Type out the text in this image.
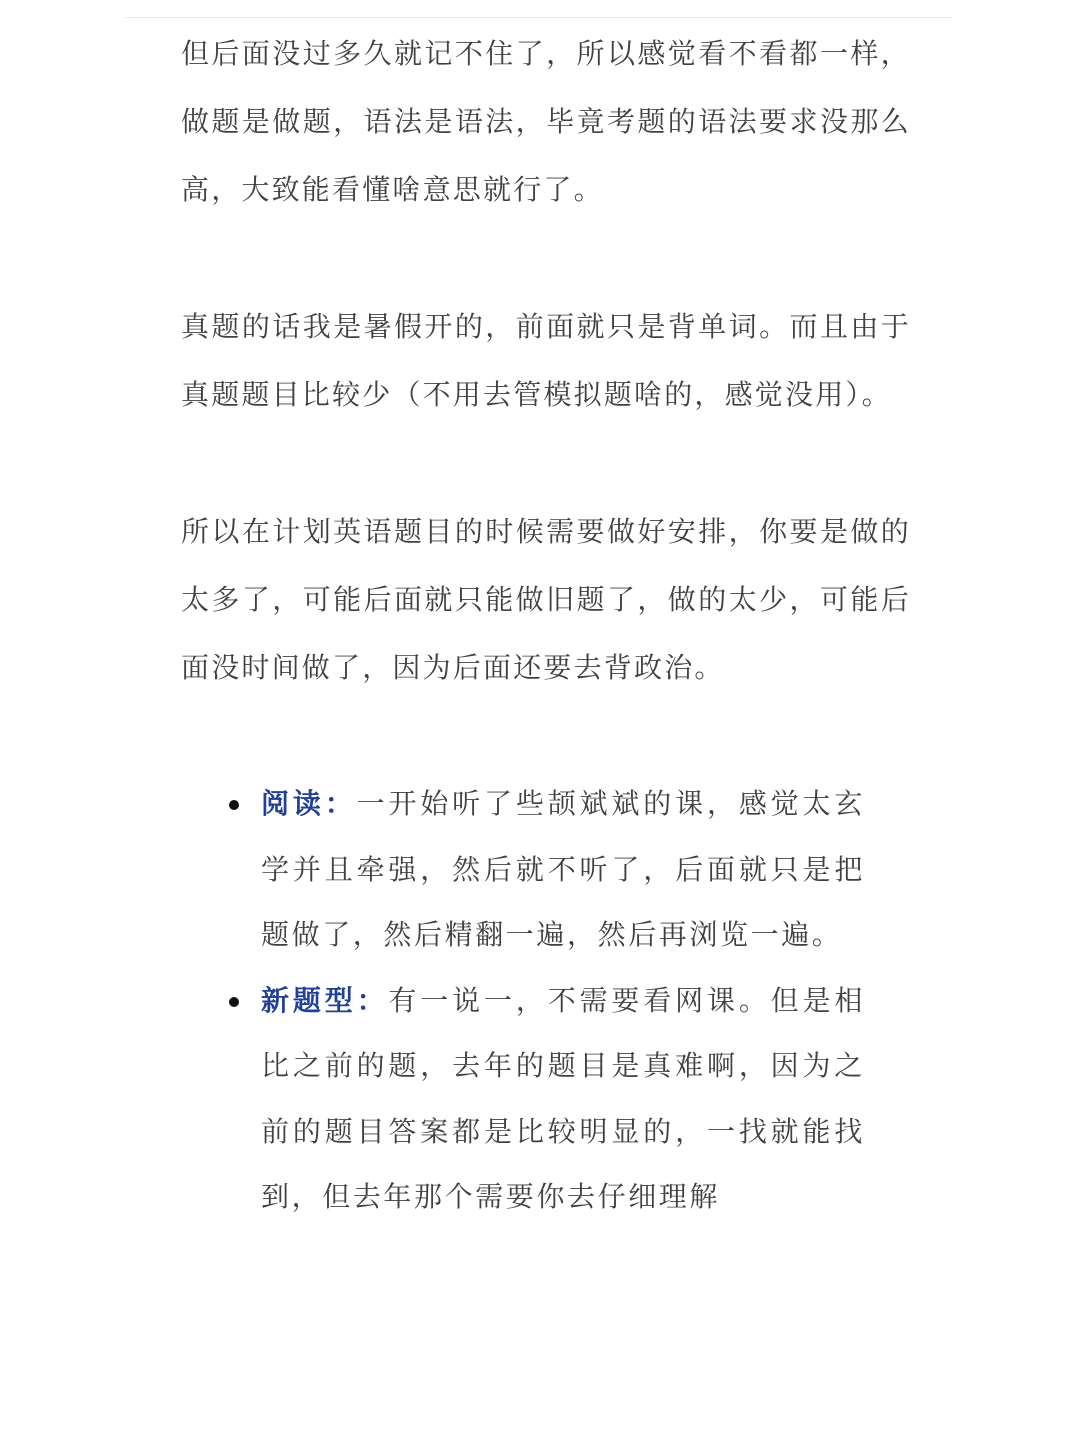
但后面没过多久就记不住了，所以感觉看不看都一样，做题是做题，语法是语法，毕竟考题的语法要求没那么高，大致能看懂啥意思就行了。

真题的话我是暑假开的，前面就只是背单词。而且由于真题题目比较少（不用去管模拟题啥的，感觉没用）。

所以在计划英语题目的时候需要做好安排，你要是做的太多了，可能后面就只能做旧题了，做的太少，可能后面没时间做了，因为后面还要去背政治。

阅读：一开始听了些颉斌斌的课，感觉太玄学并且牵强，然后就不听了，后面就只是把题做了，然后精翻一遍，然后再浏览一遍。
新题型：有一说一，不需要看网课。但是相比之前的题，去年的题目是真难啊，因为之前的题目答案都是比较明显的，一找就能找到，但去年那个需要你去仔细理解
